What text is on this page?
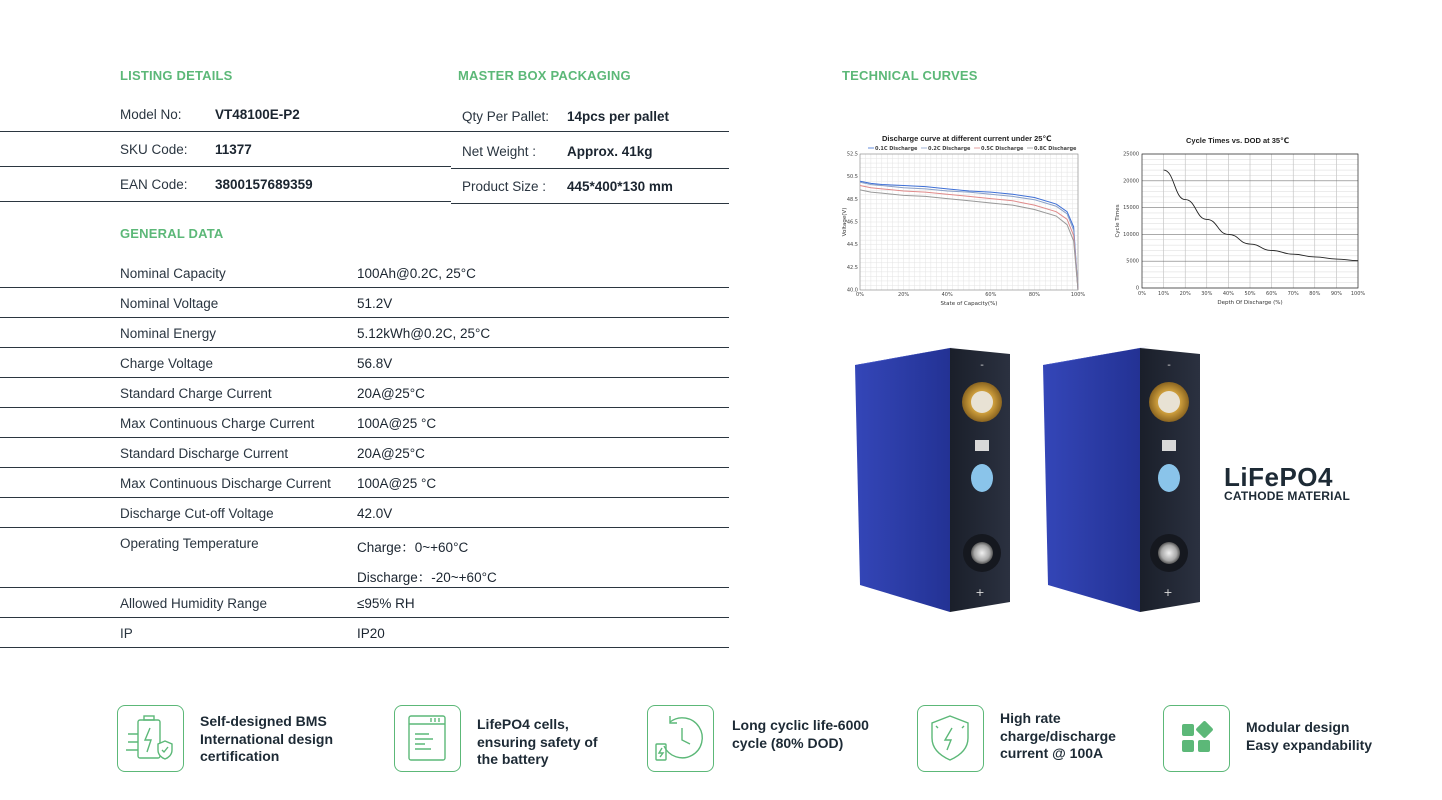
LISTING DETAILS
Model No: VT48100E-P2
SKU Code: 11377
EAN Code: 3800157689359
MASTER BOX PACKAGING
Qty Per Pallet: 14pcs per pallet
Net Weight : Approx. 41kg
Product Size : 445*400*130 mm
GENERAL DATA
Nominal Capacity	100Ah@0.2C, 25°C
Nominal Voltage	51.2V
Nominal Energy	5.12kWh@0.2C, 25°C
Charge Voltage	56.8V
Standard Charge Current	20A@25°C
Max Continuous Charge Current	100A@25 °C
Standard Discharge Current	20A@25°C
Max Continuous Discharge Current 100A@25 °C
Discharge Cut-off Voltage	42.0V
Operating Temperature	Charge：0~+60°C
Discharge：-20~+60°C
Allowed Humidity Range	≤95% RH
IP	IP20
TECHNICAL CURVES
Discharge curve at different current under 25℃
0%	20%	40%	60%	80%	100%
40.0
42.5
44.5
46.5
48.5
50.5
52.5
State of Capacity(%)
Voltage(V)
0.1C Discharge 0.2C Discharge 0.5C Discharge 0.8C Discharge
Cycle Times vs. DOD at 35℃
0% 10% 20% 30% 40% 50% 60% 70% 80% 90% 100%
0
5000
10000
15000
20000
25000
Depth Of Discharge (%)
Cycle Times
-
+
-
+
LiFePO4
CATHODE MATERIAL
Self-designed BMS
International design
certification
LifePO4 cells,
ensuring safety of
the battery
Long cyclic life-6000
cycle (80% DOD)
High rate
charge/discharge
current @ 100A
Modular design
Easy expandability
